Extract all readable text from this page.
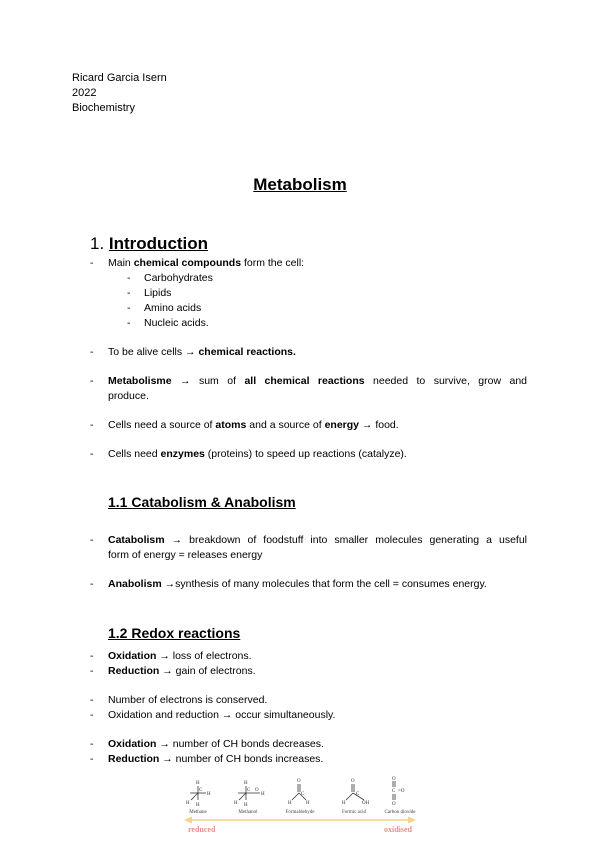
Ricard Garcia Isern
2022
Biochemistry
Metabolism
1. Introduction
- Main chemical compounds form the cell:
- Carbohydrates
- Lipids
- Amino acids
- Nucleic acids.
- To be alive cells → chemical reactions.
- Metabolisme → sum of all chemical reactions needed to survive, grow and
produce.
- Cells need a source of atoms and a source of energy → food.
- Cells need enzymes (proteins) to speed up reactions (catalyze).
1.1 Catabolism & Anabolism
- Catabolism → breakdown of foodstuff into smaller molecules generating a useful
form of energy = releases energy
- Anabolism →synthesis of many molecules that form the cell = consumes energy.
1.2 Redox reactions
- Oxidation → loss of electrons.
- Reduction → gain of electrons.
- Number of electrons is conserved.
- Oxidation and reduction → occur simultaneously.
- Oxidation → number of CH bonds decreases.
- Reduction → number of CH bonds increases.
H
C
H
H H
H
C O
H
H H
O
C
H	H
O
C
H	OH
O
C
O
=O
Methane	Methanol	Formaldehyde	Formic acid	Carbon dioxide
reduced	oxidised
